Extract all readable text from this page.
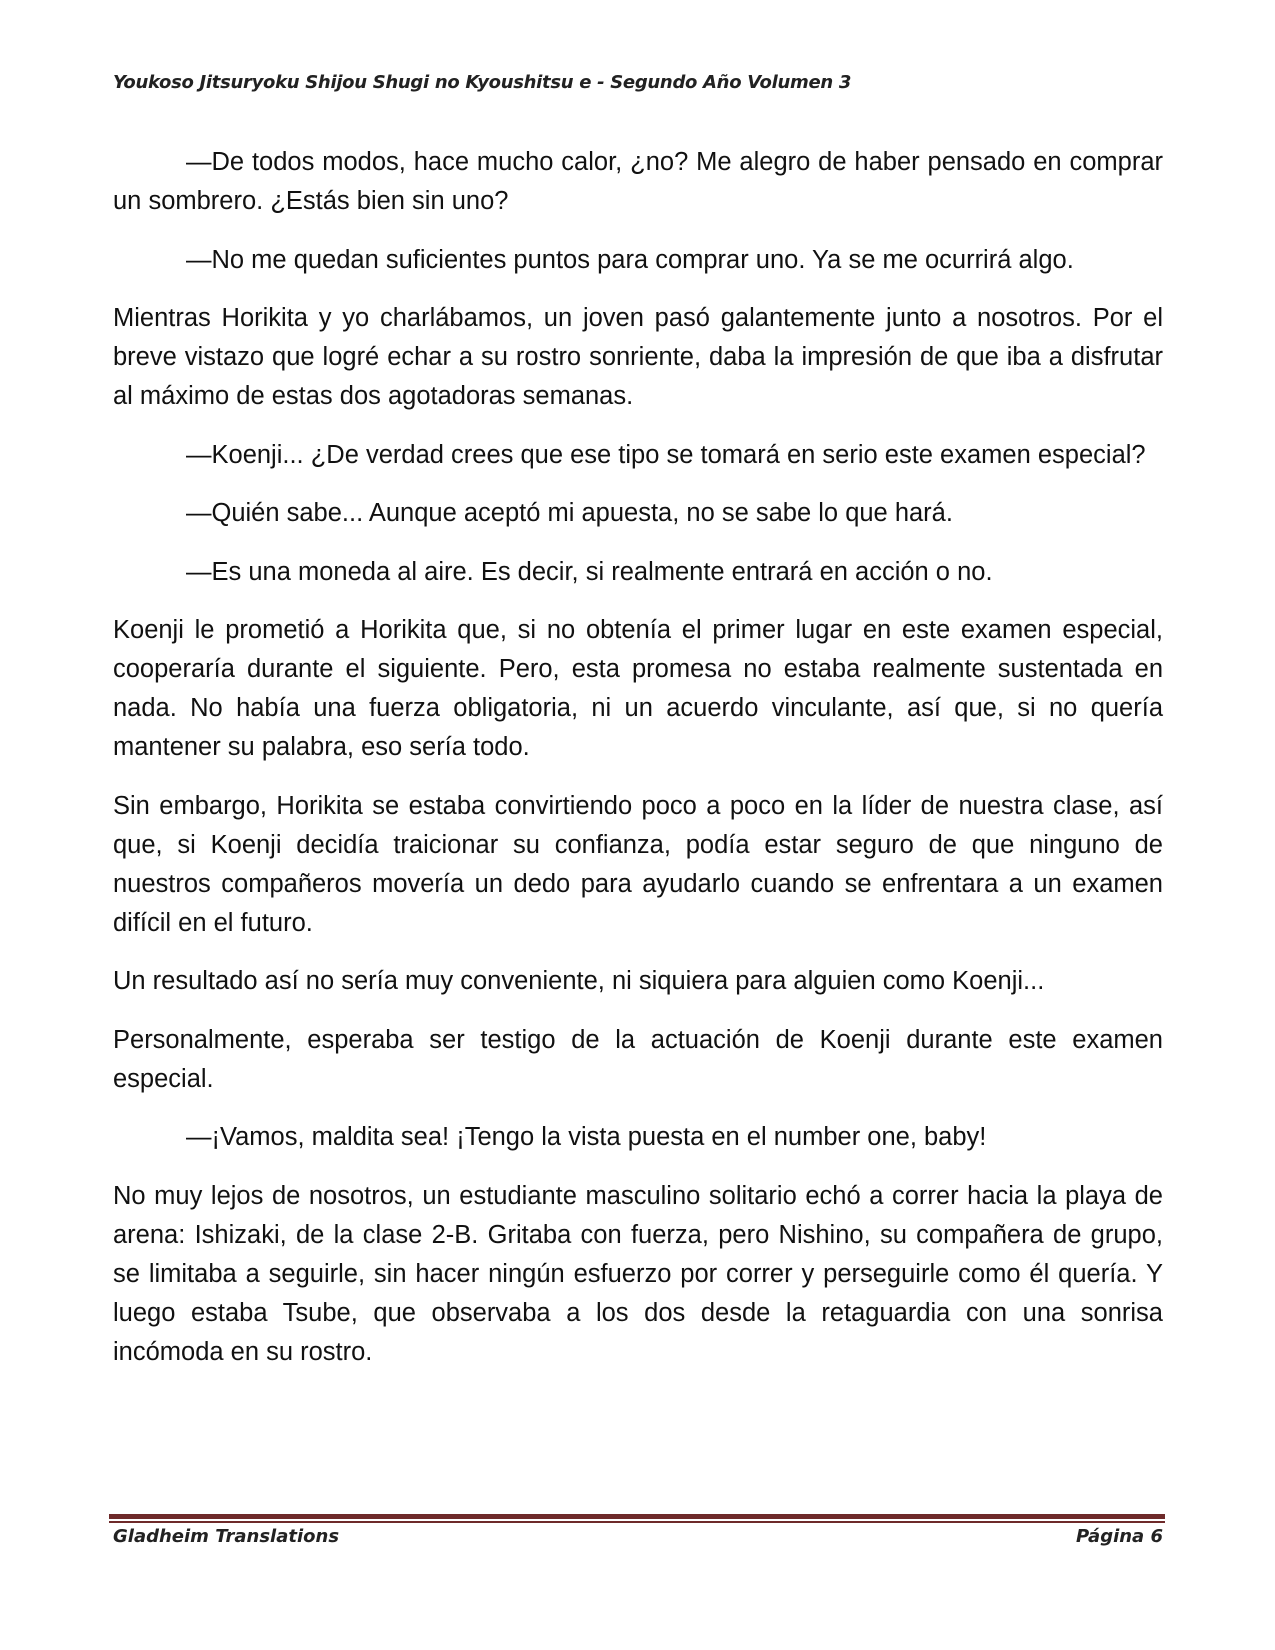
Youkoso Jitsuryoku Shijou Shugi no Kyoushitsu e - Segundo Año Volumen 3

—De todos modos, hace mucho calor, ¿no? Me alegro de haber pensado en comprar un sombrero. ¿Estás bien sin uno?

—No me quedan suficientes puntos para comprar uno. Ya se me ocurrirá algo.

Mientras Horikita y yo charlábamos, un joven pasó galantemente junto a nosotros. Por el breve vistazo que logré echar a su rostro sonriente, daba la impresión de que iba a disfrutar al máximo de estas dos agotadoras semanas.

—Koenji... ¿De verdad crees que ese tipo se tomará en serio este examen especial?

—Quién sabe... Aunque aceptó mi apuesta, no se sabe lo que hará.

—Es una moneda al aire. Es decir, si realmente entrará en acción o no.

Koenji le prometió a Horikita que, si no obtenía el primer lugar en este examen especial, cooperaría durante el siguiente. Pero, esta promesa no estaba realmente sustentada en nada. No había una fuerza obligatoria, ni un acuerdo vinculante, así que, si no quería mantener su palabra, eso sería todo.

Sin embargo, Horikita se estaba convirtiendo poco a poco en la líder de nuestra clase, así que, si Koenji decidía traicionar su confianza, podía estar seguro de que ninguno de nuestros compañeros movería un dedo para ayudarlo cuando se enfrentara a un examen difícil en el futuro.

Un resultado así no sería muy conveniente, ni siquiera para alguien como Koenji...

Personalmente, esperaba ser testigo de la actuación de Koenji durante este examen especial.

—¡Vamos, maldita sea! ¡Tengo la vista puesta en el number one, baby!

No muy lejos de nosotros, un estudiante masculino solitario echó a correr hacia la playa de arena: Ishizaki, de la clase 2-B. Gritaba con fuerza, pero Nishino, su compañera de grupo, se limitaba a seguirle, sin hacer ningún esfuerzo por correr y perseguirle como él quería. Y luego estaba Tsube, que observaba a los dos desde la retaguardia con una sonrisa incómoda en su rostro.

Gladheim Translations	Página 6
